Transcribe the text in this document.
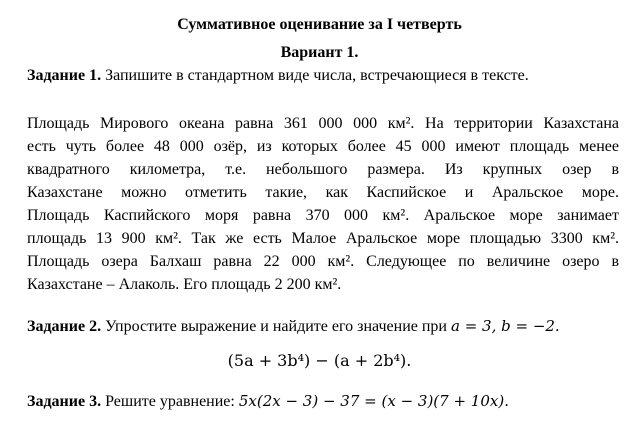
Суммативное оценивание за I четверть
Вариант 1.
Задание 1. Запишите в стандартном виде числа, встречающиеся в тексте.
Площадь Мирового океана равна 361 000 000 км². На территории Казахстана
есть чуть более 48 000 озёр, из которых более 45 000 имеют площадь менее
квадратного километра, т.е. небольшого размера. Из крупных озер в
Казахстане можно отметить такие, как Каспийское и Аральское море.
Площадь Каспийского моря равна 370 000 км². Аральское море занимает
площадь 13 900 км². Так же есть Малое Аральское море площадью 3300 км².
Площадь озера Балхаш равна 22 000 км². Следующее по величине озеро в
Казахстане – Алаколь. Его площадь 2 200 км².
Задание 2. Упростите выражение и найдите его значение при a = 3, b = −2.
(5a + 3b⁴) − (a + 2b⁴).
Задание 3. Решите уравнение: 5x(2x − 3) − 37 = (x − 3)(7 + 10x).
